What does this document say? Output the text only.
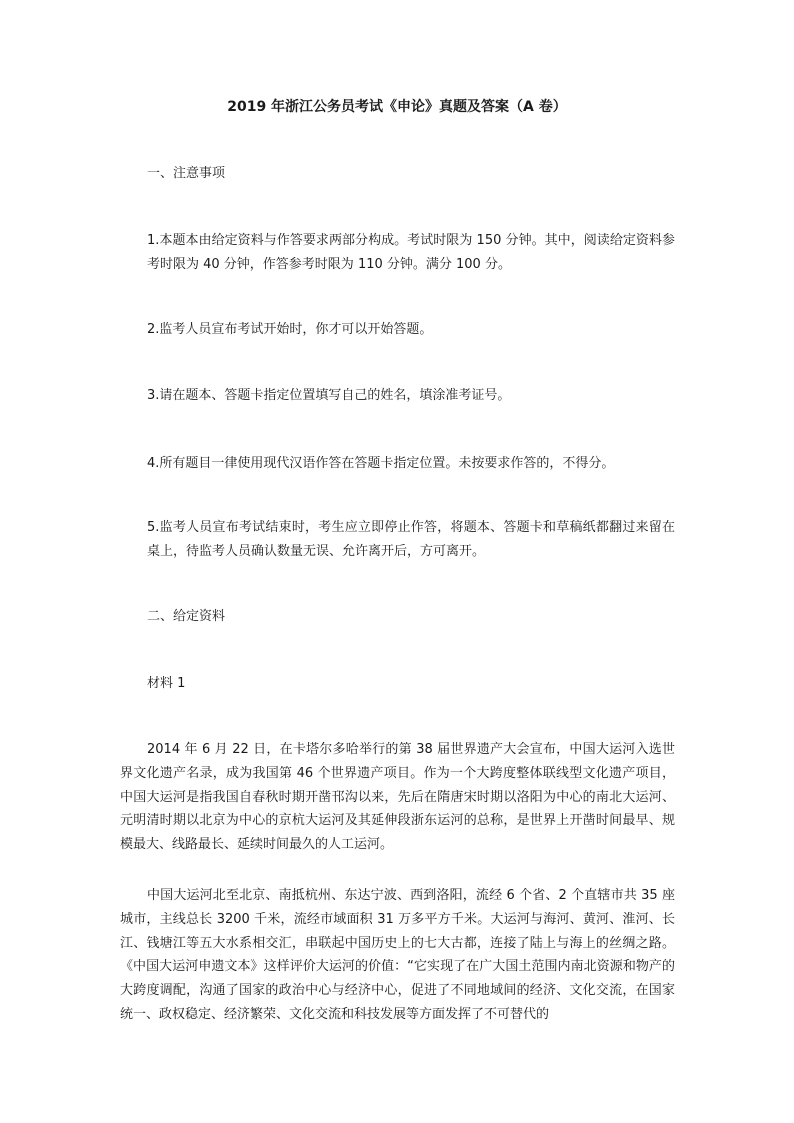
2019 年浙江公务员考试《申论》真题及答案（A 卷）
一、注意事项

1.本题本由给定资料与作答要求两部分构成。考试时限为 150 分钟。其中，阅读给定资料参考时限为 40 分钟，作答参考时限为 110 分钟。满分 100 分。

2.监考人员宣布考试开始时，你才可以开始答题。

3.请在题本、答题卡指定位置填写自己的姓名，填涂准考证号。

4.所有题目一律使用现代汉语作答在答题卡指定位置。未按要求作答的，不得分。

5.监考人员宣布考试结束时，考生应立即停止作答，将题本、答题卡和草稿纸都翻过来留在桌上，待监考人员确认数量无误、允许离开后，方可离开。

二、给定资料
材料 1

2014 年 6 月 22 日，在卡塔尔多哈举行的第 38 届世界遗产大会宣布，中国大运河入选世界文化遗产名录，成为我国第 46 个世界遗产项目。作为一个大跨度整体联线型文化遗产项目，中国大运河是指我国自春秋时期开凿邗沟以来，先后在隋唐宋时期以洛阳为中心的南北大运河、元明清时期以北京为中心的京杭大运河及其延伸段浙东运河的总称，是世界上开凿时间最早、规模最大、线路最长、延续时间最久的人工运河。

中国大运河北至北京、南抵杭州、东达宁波、西到洛阳，流经 6 个省、2 个直辖市共 35 座城市，主线总长 3200 千米，流经市域面积 31 万多平方千米。大运河与海河、黄河、淮河、长江、钱塘江等五大水系相交汇，串联起中国历史上的七大古都，连接了陆上与海上的丝绸之路。《中国大运河申遗文本》这样评价大运河的价值：“它实现了在广大国土范围内南北资源和物产的大跨度调配，沟通了国家的政治中心与经济中心，促进了不同地域间的经济、文化交流，在国家统一、政权稳定、经济繁荣、文化交流和科技发展等方面发挥了不可替代的
